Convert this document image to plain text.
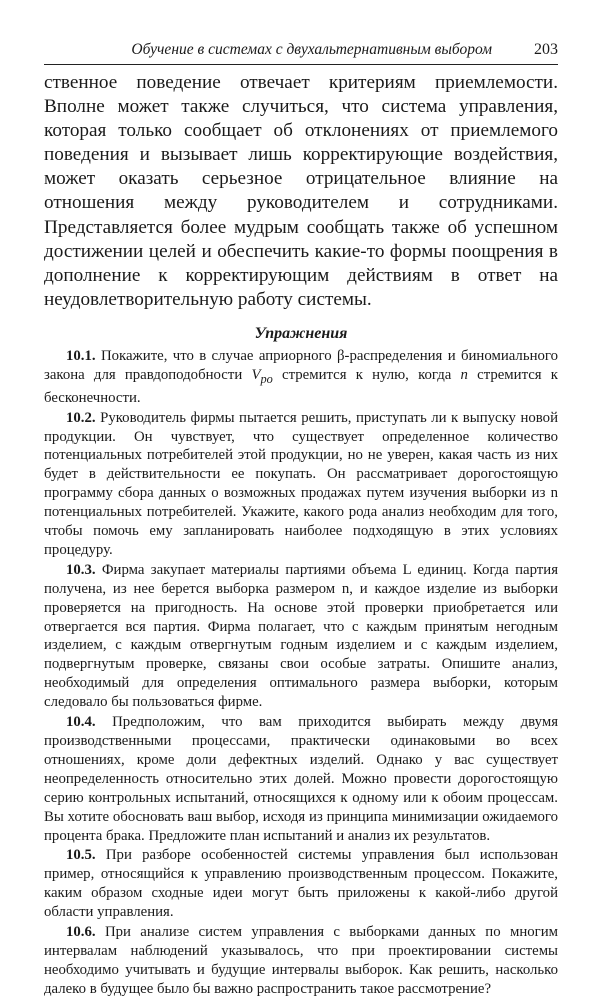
Обучение в системах с двухальтернативным выбором	203

ственное поведение отвечает критериям приемлемости. Вполне может также случиться, что система управления, которая только сообщает об отклонениях от приемлемого поведения и вызывает лишь корректирующие воздействия, может оказать серьезное отрицательное влияние на отношения между руководителем и сотрудниками. Представляется более мудрым сообщать также об успешном достижении целей и обеспечить какие-то формы поощрения в дополнение к корректирующим действиям в ответ на неудовлетворительную работу системы.

Упражнения

10.1. Покажите, что в случае априорного β-распределения и биномиального закона для правдоподобности $V_{po}$ стремится к нулю, когда n стремится к бесконечности.

10.2. Руководитель фирмы пытается решить, приступать ли к выпуску новой продукции. Он чувствует, что существует определенное количество потенциальных потребителей этой продукции, но не уверен, какая часть из них будет в действительности ее покупать. Он рассматривает дорогостоящую программу сбора данных о возможных продажах путем изучения выборки из n потенциальных потребителей. Укажите, какого рода анализ необходим для того, чтобы помочь ему запланировать наиболее подходящую в этих условиях процедуру.

10.3. Фирма закупает материалы партиями объема L единиц. Когда партия получена, из нее берется выборка размером n, и каждое изделие из выборки проверяется на пригодность. На основе этой проверки приобретается или отвергается вся партия. Фирма полагает, что с каждым принятым негодным изделием, с каждым отвергнутым годным изделием и с каждым изделием, подвергнутым проверке, связаны свои особые затраты. Опишите анализ, необходимый для определения оптимального размера выборки, которым следовало бы пользоваться фирме.

10.4. Предположим, что вам приходится выбирать между двумя производственными процессами, практически одинаковыми во всех отношениях, кроме доли дефектных изделий. Однако у вас существует неопределенность относительно этих долей. Можно провести дорогостоящую серию контрольных испытаний, относящихся к одному или к обоим процессам. Вы хотите обосновать ваш выбор, исходя из принципа минимизации ожидаемого процента брака. Предложите план испытаний и анализ их результатов.

10.5. При разборе особенностей системы управления был использован пример, относящийся к управлению производственным процессом. Покажите, каким образом сходные идеи могут быть приложены к какой-либо другой области управления.

10.6. При анализе систем управления с выборками данных по многим интервалам наблюдений указывалось, что при проектировании системы необходимо учитывать и будущие интервалы выборок. Как решить, насколько далеко в будущее было бы важно распространить такое рассмотрение?
